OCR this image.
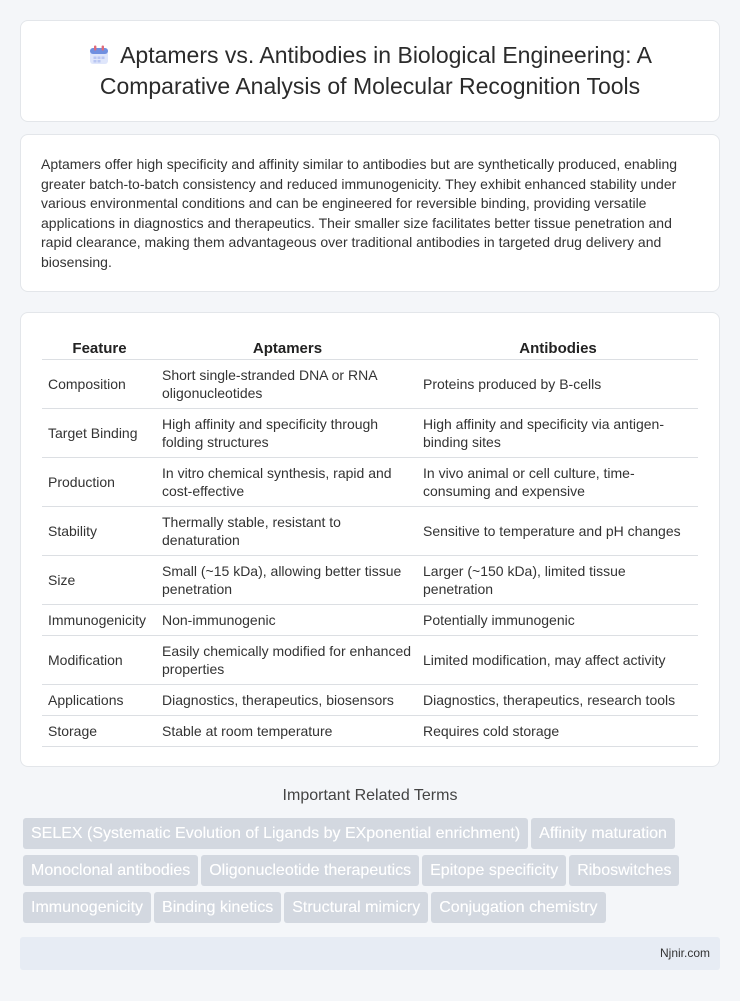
Aptamers vs. Antibodies in Biological Engineering: A Comparative Analysis of Molecular Recognition Tools

Aptamers offer high specificity and affinity similar to antibodies but are synthetically produced, enabling greater batch-to-batch consistency and reduced immunogenicity. They exhibit enhanced stability under various environmental conditions and can be engineered for reversible binding, providing versatile applications in diagnostics and therapeutics. Their smaller size facilitates better tissue penetration and rapid clearance, making them advantageous over traditional antibodies in targeted drug delivery and biosensing.

Feature	Aptamers	Antibodies
Composition	Short single-stranded DNA or RNA oligonucleotides	Proteins produced by B-cells
Target Binding	High affinity and specificity through folding structures	High affinity and specificity via antigen-binding sites
Production	In vitro chemical synthesis, rapid and cost-effective	In vivo animal or cell culture, time-consuming and expensive
Stability	Thermally stable, resistant to denaturation	Sensitive to temperature and pH changes
Size	Small (~15 kDa), allowing better tissue penetration	Larger (~150 kDa), limited tissue penetration
Immunogenicity	Non-immunogenic	Potentially immunogenic
Modification	Easily chemically modified for enhanced properties	Limited modification, may affect activity
Applications	Diagnostics, therapeutics, biosensors	Diagnostics, therapeutics, research tools
Storage	Stable at room temperature	Requires cold storage
Important Related Terms
SELEX (Systematic Evolution of Ligands by EXponential enrichment) Affinity maturation
Monoclonal antibodies Oligonucleotide therapeutics Epitope specificity Riboswitches
Immunogenicity Binding kinetics Structural mimicry Conjugation chemistry
Njnir.com
